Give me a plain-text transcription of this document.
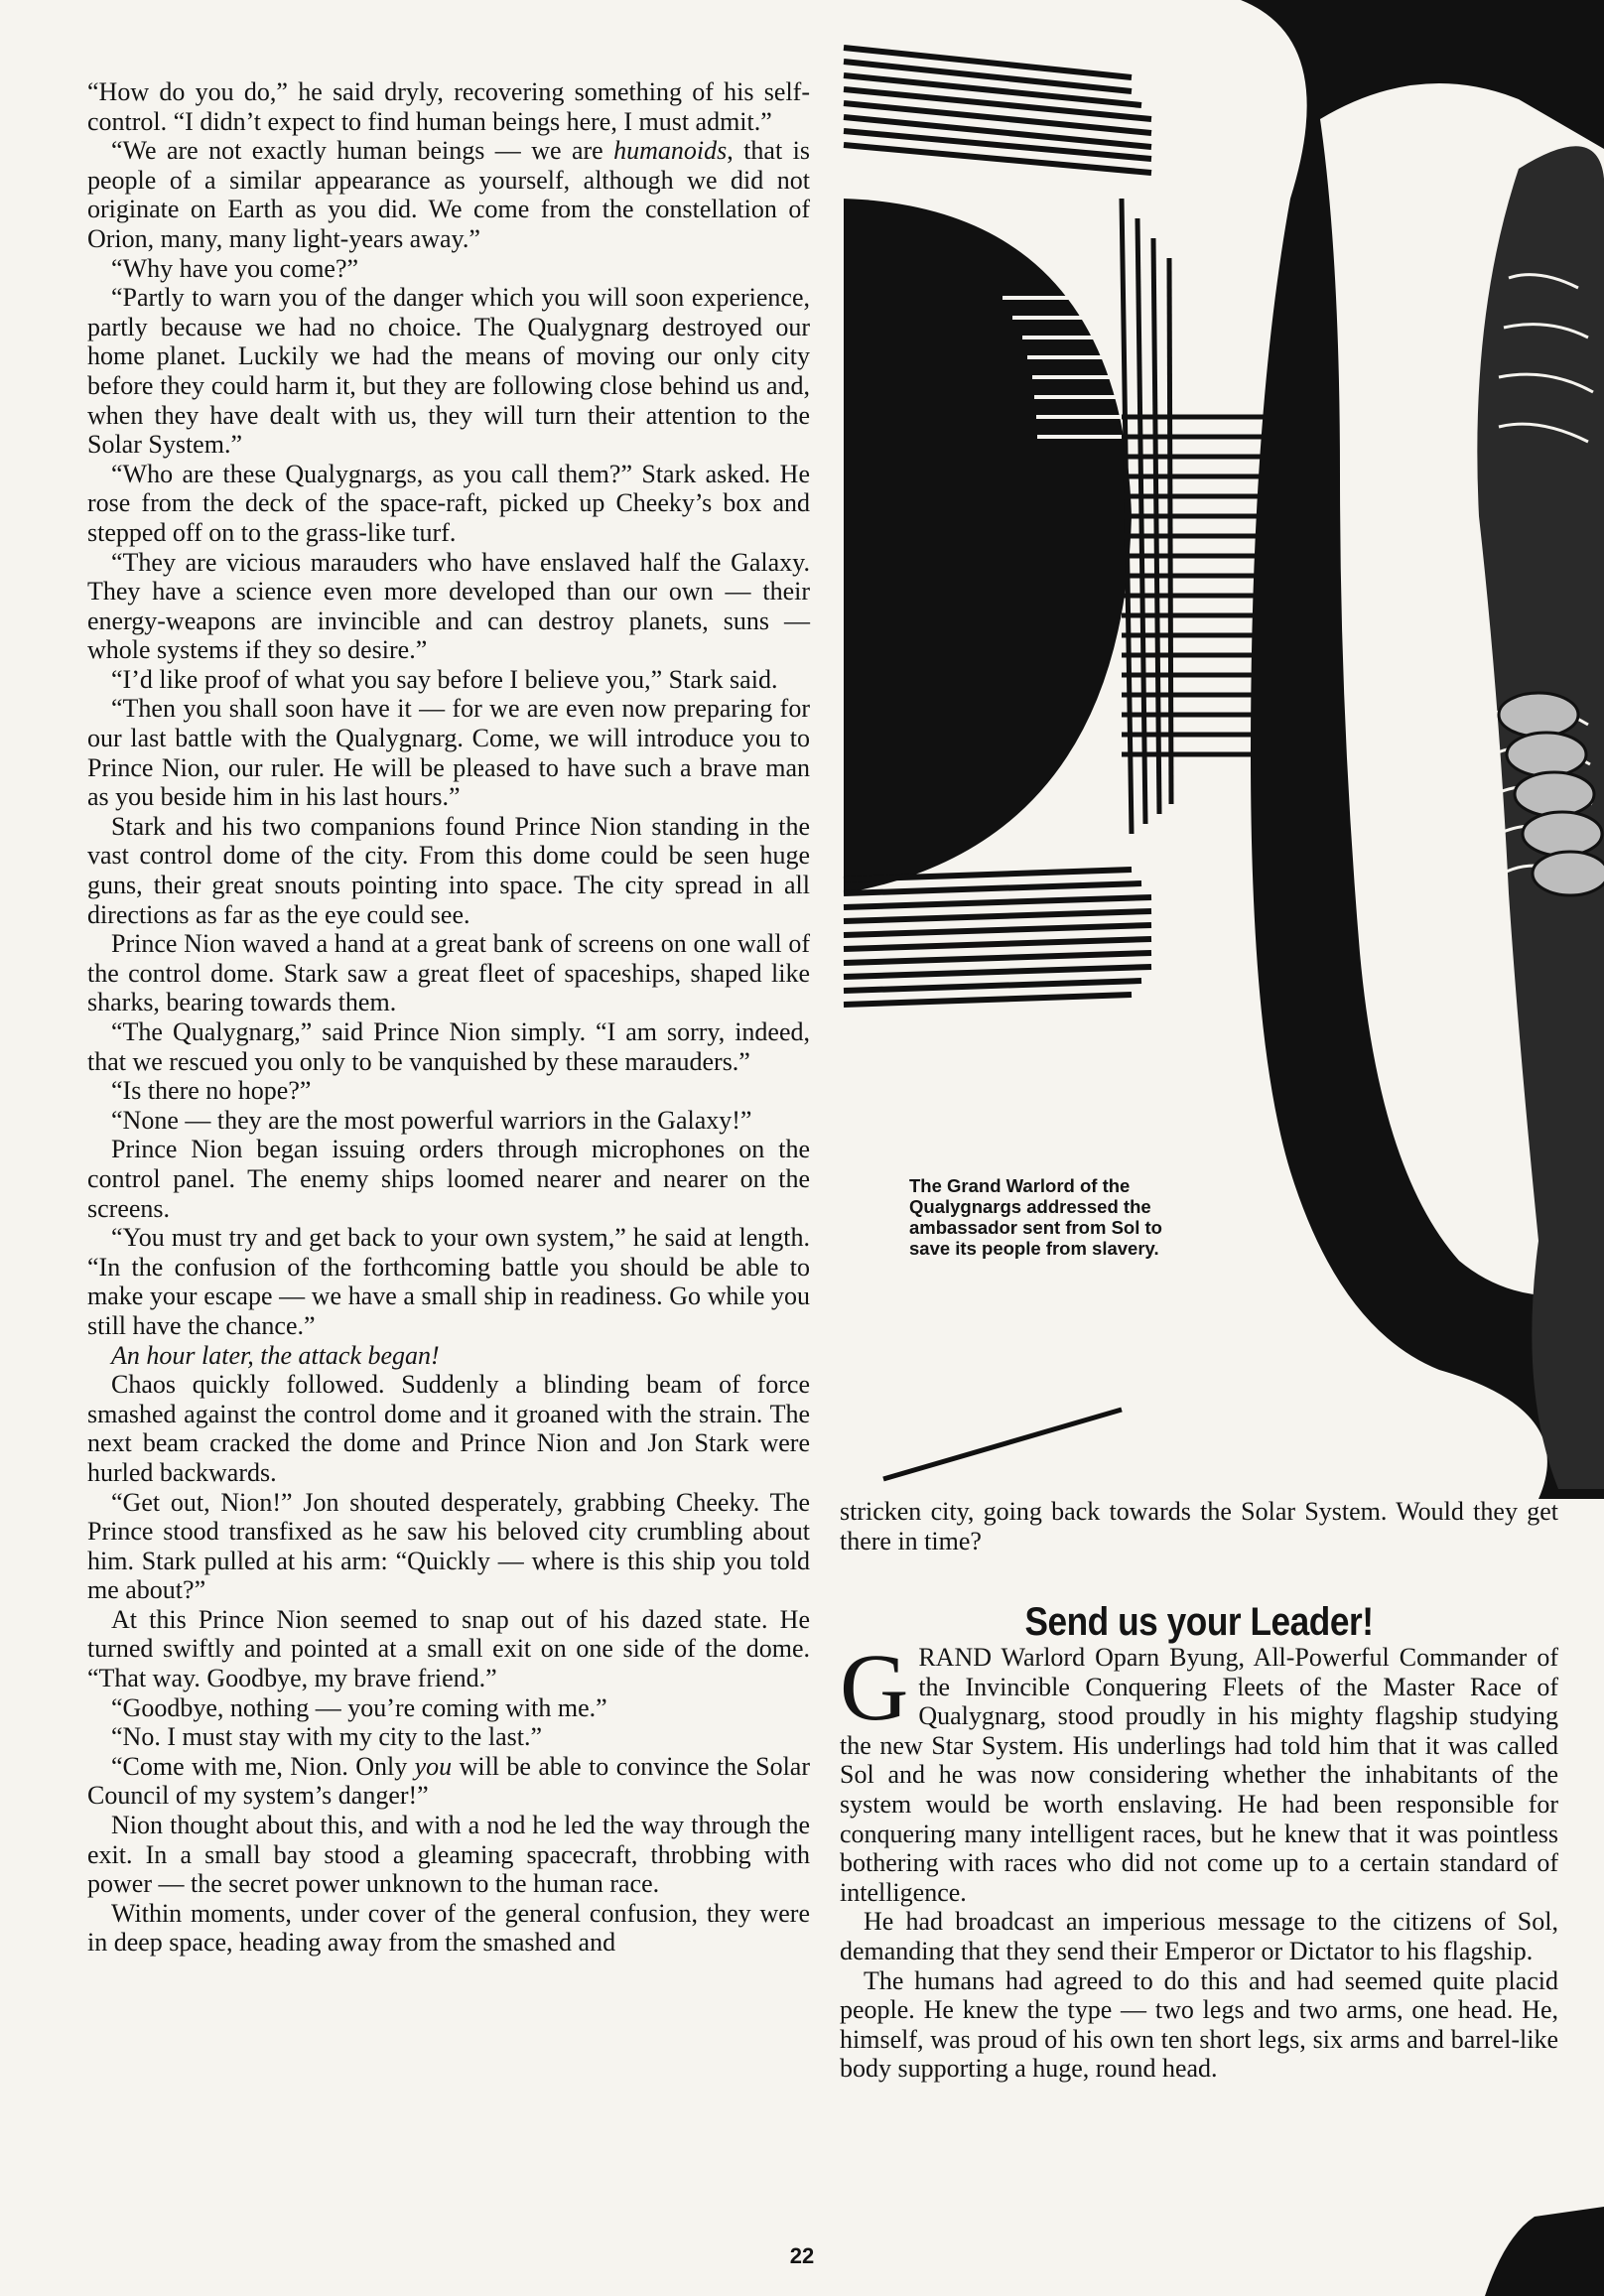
The Grand Warlord of the Qualygnargs addressed the ambassador sent from Sol to save its people from slavery.

“How do you do,” he said dryly, recovering something of his self-control. “I didn’t expect to find human beings here, I must admit.”

“We are not exactly human beings — we are humanoids, that is people of a similar appearance as yourself, although we did not originate on Earth as you did. We come from the constellation of Orion, many, many light-years away.”

“Why have you come?”

“Partly to warn you of the danger which you will soon experience, partly because we had no choice. The Qualygnarg destroyed our home planet. Luckily we had the means of moving our only city before they could harm it, but they are following close behind us and, when they have dealt with us, they will turn their attention to the Solar System.”

“Who are these Qualygnargs, as you call them?” Stark asked. He rose from the deck of the space-raft, picked up Cheeky’s box and stepped off on to the grass-like turf.

“They are vicious marauders who have enslaved half the Galaxy. They have a science even more developed than our own — their energy-weapons are invincible and can destroy planets, suns — whole systems if they so desire.”

“I’d like proof of what you say before I believe you,” Stark said.

“Then you shall soon have it — for we are even now preparing for our last battle with the Qualygnarg. Come, we will introduce you to Prince Nion, our ruler. He will be pleased to have such a brave man as you beside him in his last hours.”

Stark and his two companions found Prince Nion standing in the vast control dome of the city. From this dome could be seen huge guns, their great snouts pointing into space. The city spread in all directions as far as the eye could see.

Prince Nion waved a hand at a great bank of screens on one wall of the control dome. Stark saw a great fleet of spaceships, shaped like sharks, bearing towards them.

“The Qualygnarg,” said Prince Nion simply. “I am sorry, indeed, that we rescued you only to be vanquished by these marauders.”

“Is there no hope?”

“None — they are the most powerful warriors in the Galaxy!”

Prince Nion began issuing orders through microphones on the control panel. The enemy ships loomed nearer and nearer on the screens.

“You must try and get back to your own system,” he said at length. “In the confusion of the forthcoming battle you should be able to make your escape — we have a small ship in readiness. Go while you still have the chance.”

An hour later, the attack began!

Chaos quickly followed. Suddenly a blinding beam of force smashed against the control dome and it groaned with the strain. The next beam cracked the dome and Prince Nion and Jon Stark were hurled backwards.

“Get out, Nion!” Jon shouted desperately, grabbing Cheeky. The Prince stood transfixed as he saw his beloved city crumbling about him. Stark pulled at his arm: “Quickly — where is this ship you told me about?”

At this Prince Nion seemed to snap out of his dazed state. He turned swiftly and pointed at a small exit on one side of the dome. “That way. Goodbye, my brave friend.”

“Goodbye, nothing — you’re coming with me.”

“No. I must stay with my city to the last.”

“Come with me, Nion. Only you will be able to convince the Solar Council of my system’s danger!”

Nion thought about this, and with a nod he led the way through the exit. In a small bay stood a gleaming spacecraft, throbbing with power — the secret power unknown to the human race.

Within moments, under cover of the general confusion, they were in deep space, heading away from the smashed and

stricken city, going back towards the Solar System. Would they get there in time?

Send us your Leader!

GRAND Warlord Oparn Byung, All-Powerful Commander of the Invincible Conquering Fleets of the Master Race of Qualygnarg, stood proudly in his mighty flagship studying the new Star System. His underlings had told him that it was called Sol and he was now considering whether the inhabitants of the system would be worth enslaving. He had been responsible for conquering many intelligent races, but he knew that it was pointless bothering with races who did not come up to a certain standard of intelligence.

He had broadcast an imperious message to the citizens of Sol, demanding that they send their Emperor or Dictator to his flagship.

The humans had agreed to do this and had seemed quite placid people. He knew the type — two legs and two arms, one head. He, himself, was proud of his own ten short legs, six arms and barrel-like body supporting a huge, round head.

22
